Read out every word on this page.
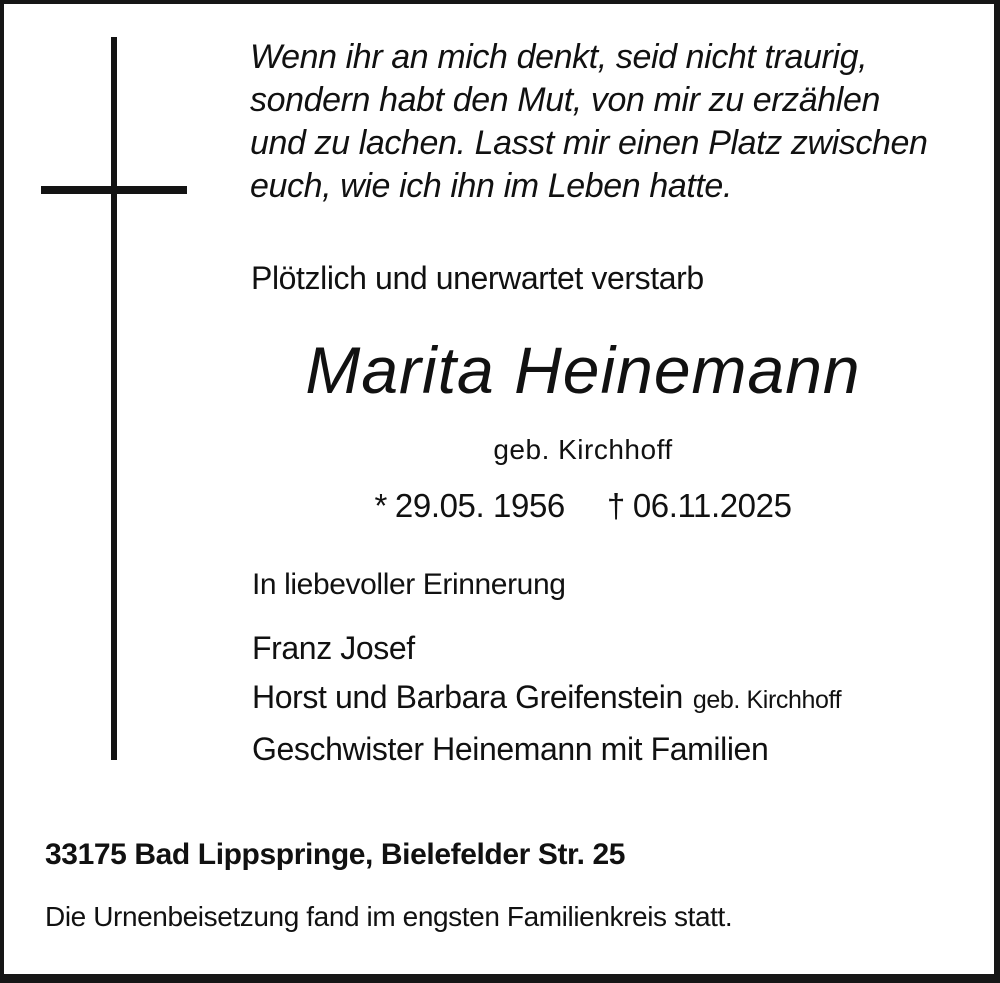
Wenn ihr an mich denkt, seid nicht traurig,
sondern habt den Mut, von mir zu erzählen
und zu lachen. Lasst mir einen Platz zwischen
euch, wie ich ihn im Leben hatte.
Plötzlich und unerwartet verstarb
Marita Heinemann
geb. Kirchhoff
* 29.05. 1956 † 06.11.2025
In liebevoller Erinnerung
Franz Josef
Horst und Barbara Greifenstein geb. Kirchhoff
Geschwister Heinemann mit Familien
33175 Bad Lippspringe, Bielefelder Str. 25
Die Urnenbeisetzung fand im engsten Familienkreis statt.
